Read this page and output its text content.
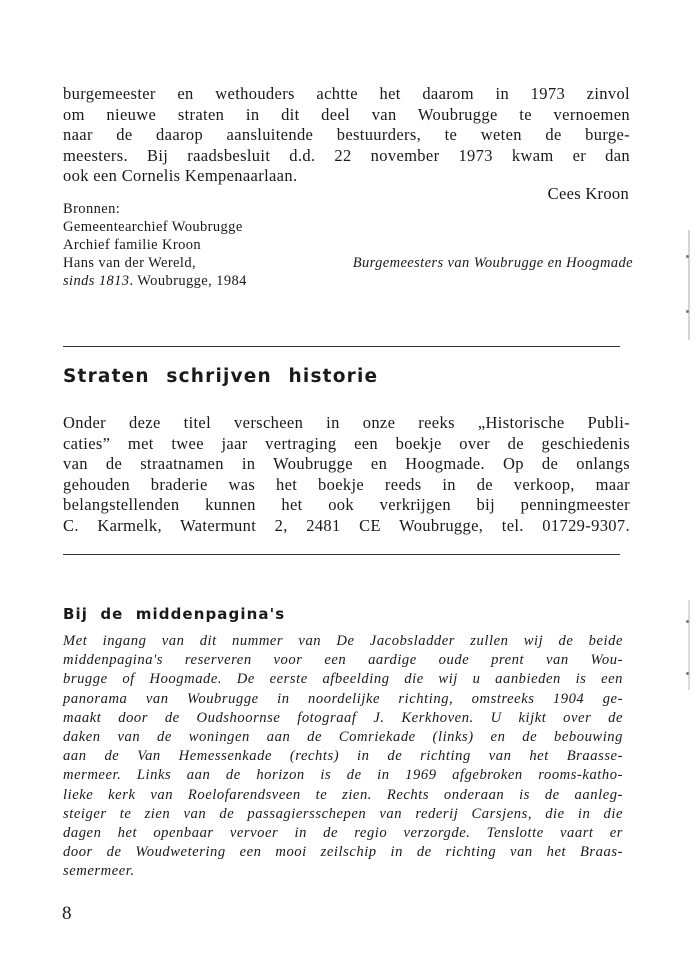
burgemeester en wethouders achtte het daarom in 1973 zinvol
om nieuwe straten in dit deel van Woubrugge te vernoemen
naar de daarop aansluitende bestuurders, te weten de burge-
meesters. Bij raadsbesluit d.d. 22 november 1973 kwam er dan
ook een Cornelis Kempenaarlaan.

Cees Kroon
Bronnen:
Gemeentearchief Woubrugge
Archief familie Kroon
Hans van der Wereld,	Burgemeesters van Woubrugge en Hoogmade
sinds 1813. Woubrugge, 1984
Straten schrijven historie

Onder deze titel verscheen in onze reeks „Historische Publi-
caties” met twee jaar vertraging een boekje over de geschiedenis
van de straatnamen in Woubrugge en Hoogmade. Op de onlangs
gehouden braderie was het boekje reeds in de verkoop, maar
belangstellenden kunnen het ook verkrijgen bij penningmeester
C. Karmelk, Watermunt 2, 2481 CE Woubrugge, tel. 01729-9307.

Bij de middenpagina's
Met ingang van dit nummer van De Jacobsladder zullen wij de beide
middenpagina's reserveren voor een aardige oude prent van Wou-
brugge of Hoogmade. De eerste afbeelding die wij u aanbieden is een
panorama van Woubrugge in noordelijke richting, omstreeks 1904 ge-
maakt door de Oudshoornse fotograaf J. Kerkhoven. U kijkt over de
daken van de woningen aan de Comriekade (links) en de bebouwing
aan de Van Hemessenkade (rechts) in de richting van het Braasse-
mermeer. Links aan de horizon is de in 1969 afgebroken rooms-katho-
lieke kerk van Roelofarendsveen te zien. Rechts onderaan is de aanleg-
steiger te zien van de passagiersschepen van rederij Carsjens, die in die
dagen het openbaar vervoer in de regio verzorgde. Tenslotte vaart er
door de Woudwetering een mooi zeilschip in de richting van het Braas-
semermeer.
8
